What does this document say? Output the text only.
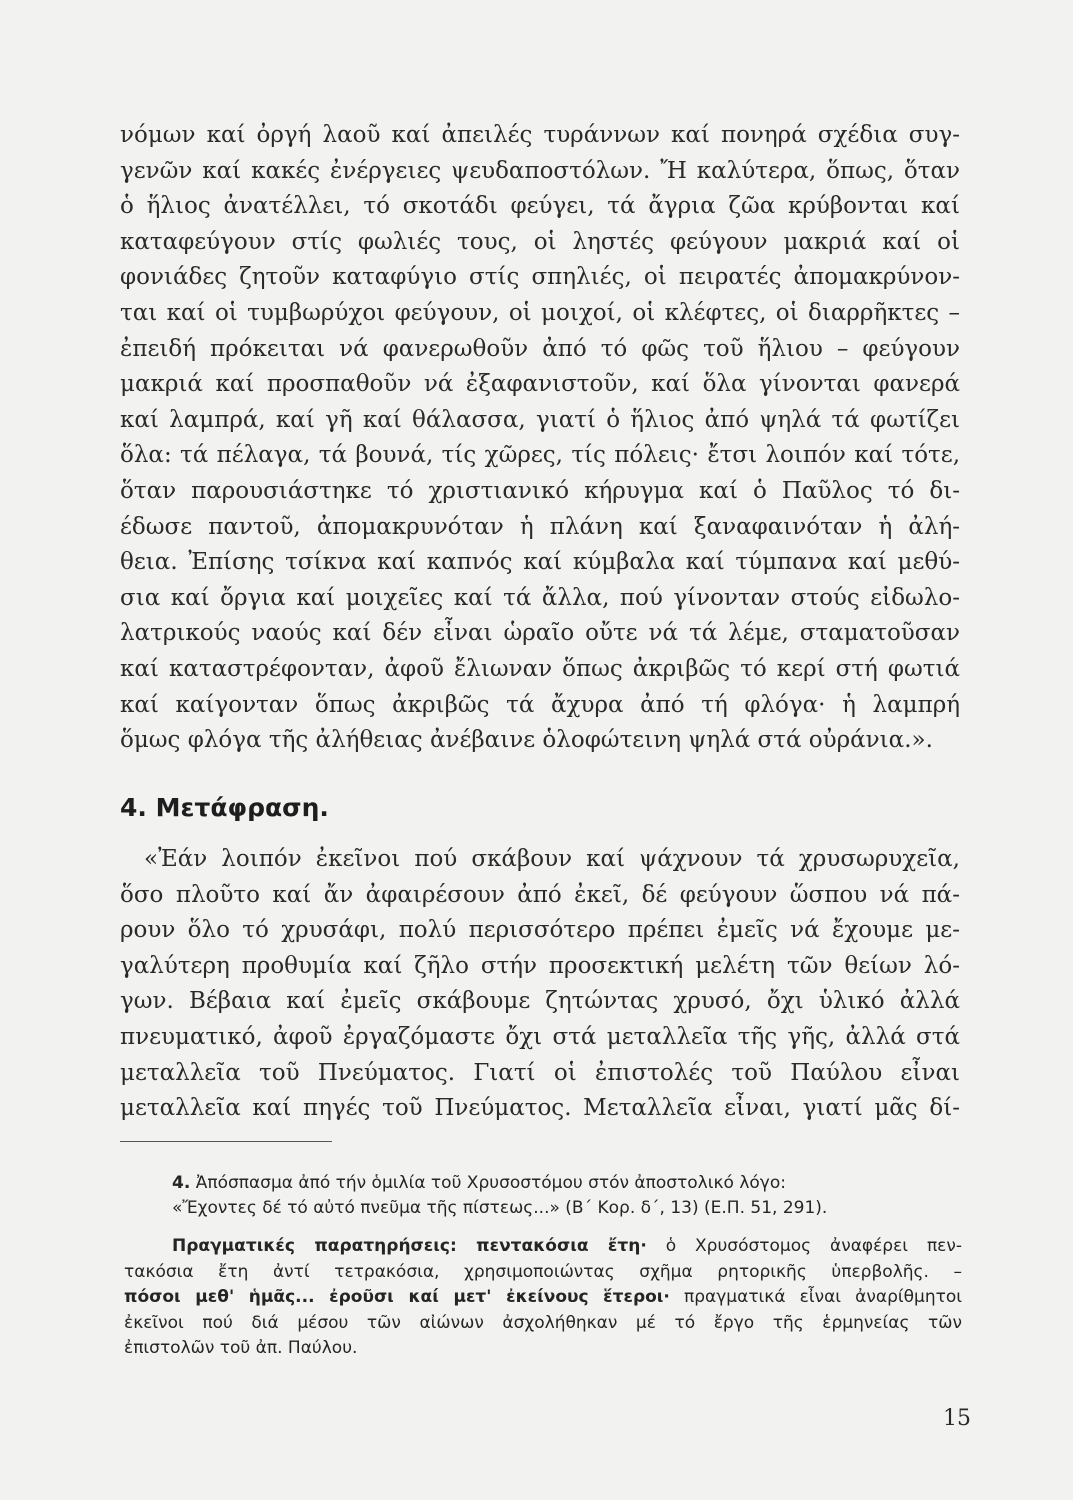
νόμων καί ὀργή λαοῦ καί ἀπειλές τυράννων καί πονηρά σχέδια συγ-
γενῶν καί κακές ἐνέργειες ψευδαποστόλων. Ἤ καλύτερα, ὅπως, ὅταν
ὁ ἥλιος ἀνατέλλει, τό σκοτάδι φεύγει, τά ἄγρια ζῶα κρύβονται καί
καταφεύγουν στίς φωλιές τους, οἱ ληστές φεύγουν μακριά καί οἱ
φονιάδες ζητοῦν καταφύγιο στίς σπηλιές, οἱ πειρατές ἀπομακρύνον-
ται καί οἱ τυμβωρύχοι φεύγουν, οἱ μοιχοί, οἱ κλέφτες, οἱ διαρρῆκτες –
ἐπειδή πρόκειται νά φανερωθοῦν ἀπό τό φῶς τοῦ ἥλιου – φεύγουν
μακριά καί προσπαθοῦν νά ἐξαφανιστοῦν, καί ὅλα γίνονται φανερά
καί λαμπρά, καί γῆ καί θάλασσα, γιατί ὁ ἥλιος ἀπό ψηλά τά φωτίζει
ὅλα: τά πέλαγα, τά βουνά, τίς χῶρες, τίς πόλεις· ἔτσι λοιπόν καί τότε,
ὅταν παρουσιάστηκε τό χριστιανικό κήρυγμα καί ὁ Παῦλος τό δι-
έδωσε παντοῦ, ἀπομακρυνόταν ἡ πλάνη καί ξαναφαινόταν ἡ ἀλή-
θεια. Ἐπίσης τσίκνα καί καπνός καί κύμβαλα καί τύμπανα καί μεθύ-
σια καί ὄργια καί μοιχεῖες καί τά ἄλλα, πού γίνονταν στούς εἰδωλο-
λατρικούς ναούς καί δέν εἶναι ὡραῖο οὔτε νά τά λέμε, σταματοῦσαν
καί καταστρέφονταν, ἀφοῦ ἔλιωναν ὅπως ἀκριβῶς τό κερί στή φωτιά
καί καίγονταν ὅπως ἀκριβῶς τά ἄχυρα ἀπό τή φλόγα· ἡ λαμπρή
ὅμως φλόγα τῆς ἀλήθειας ἀνέβαινε ὁλοφώτεινη ψηλά στά οὐράνια.».
4. Μετάφραση.
«Ἐάν λοιπόν ἐκεῖνοι πού σκάβουν καί ψάχνουν τά χρυσωρυχεῖα,
ὅσο πλοῦτο καί ἄν ἀφαιρέσουν ἀπό ἐκεῖ, δέ φεύγουν ὥσπου νά πά-
ρουν ὅλο τό χρυσάφι, πολύ περισσότερο πρέπει ἐμεῖς νά ἔχουμε με-
γαλύτερη προθυμία καί ζῆλο στήν προσεκτική μελέτη τῶν θείων λό-
γων. Βέβαια καί ἐμεῖς σκάβουμε ζητώντας χρυσό, ὄχι ὑλικό ἀλλά
πνευματικό, ἀφοῦ ἐργαζόμαστε ὄχι στά μεταλλεῖα τῆς γῆς, ἀλλά στά
μεταλλεῖα τοῦ Πνεύματος. Γιατί οἱ ἐπιστολές τοῦ Παύλου εἶναι
μεταλλεῖα καί πηγές τοῦ Πνεύματος. Μεταλλεῖα εἶναι, γιατί μᾶς δί-
4. Ἀπόσπασμα ἀπό τήν ὁμιλία τοῦ Χρυσοστόμου στόν ἀποστολικό λόγο:
«Ἔχοντες δέ τό αὐτό πνεῦμα τῆς πίστεως...» (Β΄ Κορ. δ΄, 13) (Ε.Π. 51, 291).
Πραγματικές παρατηρήσεις: πεντακόσια ἔτη· ὁ Χρυσόστομος ἀναφέρει πεν-
τακόσια ἔτη ἀντί τετρακόσια, χρησιμοποιώντας σχῆμα ρητορικῆς ὑπερβολῆς. –
πόσοι μεθ' ἡμᾶς... ἐροῦσι καί μετ' ἐκείνους ἕτεροι· πραγματικά εἶναι ἀναρίθμητοι
ἐκεῖνοι πού διά μέσου τῶν αἰώνων ἀσχολήθηκαν μέ τό ἔργο τῆς ἑρμηνείας τῶν
ἐπιστολῶν τοῦ ἀπ. Παύλου.
15
